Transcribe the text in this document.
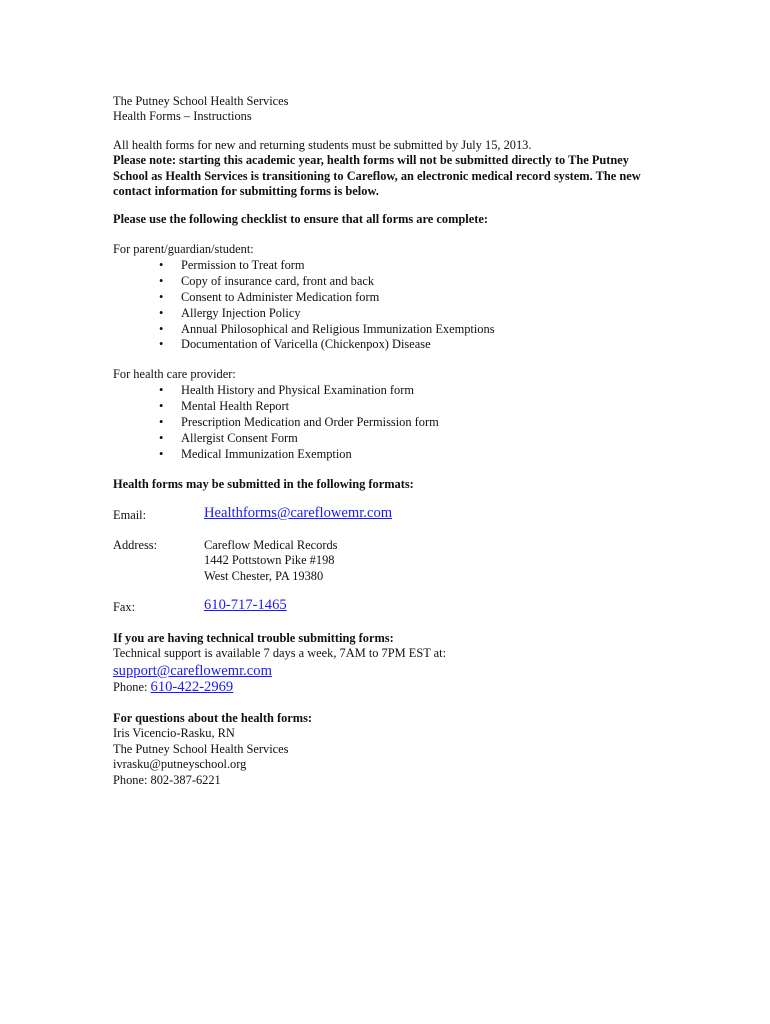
The Putney School Health Services
Health Forms – Instructions
All health forms for new and returning students must be submitted by July 15, 2013.
Please note: starting this academic year, health forms will not be submitted directly to The Putney School as Health Services is transitioning to Careflow, an electronic medical record system. The new contact information for submitting forms is below.
Please use the following checklist to ensure that all forms are complete:
For parent/guardian/student:
• Permission to Treat form
• Copy of insurance card, front and back
• Consent to Administer Medication form
• Allergy Injection Policy
• Annual Philosophical and Religious Immunization Exemptions
• Documentation of Varicella (Chickenpox) Disease
For health care provider:
• Health History and Physical Examination form
• Mental Health Report
• Prescription Medication and Order Permission form
• Allergist Consent Form
• Medical Immunization Exemption
Health forms may be submitted in the following formats:
Email:	Healthforms@careflowemr.com
Address:	Careflow Medical Records
1442 Pottstown Pike #198
West Chester, PA 19380
Fax:	610-717-1465
If you are having technical trouble submitting forms:
Technical support is available 7 days a week, 7AM to 7PM EST at:
support@careflowemr.com
Phone: 610-422-2969
For questions about the health forms:
Iris Vicencio-Rasku, RN
The Putney School Health Services
ivrasku@putneyschool.org
Phone: 802-387-6221
